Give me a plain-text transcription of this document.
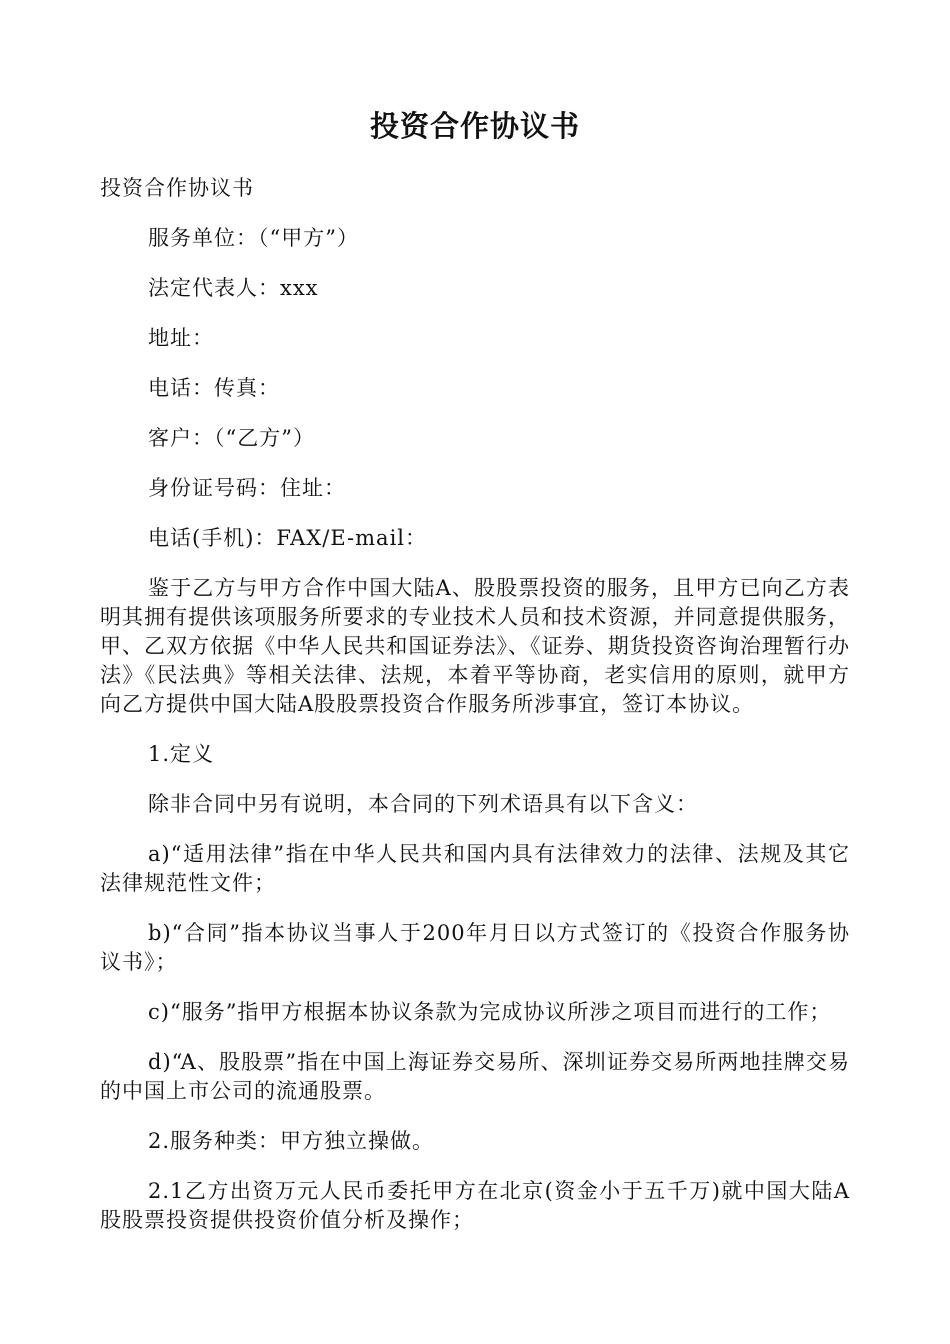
投资合作协议书

投资合作协议书

服务单位：（“甲方”）

法定代表人：xxx

地址：

电话：传真：

客户：（“乙方”）

身份证号码：住址：

电话(手机)：FAX/E-mail：

鉴于乙方与甲方合作中国大陆A、股股票投资的服务，且甲方已向乙方表明其拥有提供该项服务所要求的专业技术人员和技术资源，并同意提供服务，甲、乙双方依据《中华人民共和国证券法》、《证券、期货投资咨询治理暂行办法》《民法典》等相关法律、法规，本着平等协商，老实信用的原则，就甲方向乙方提供中国大陆A股股票投资合作服务所涉事宜，签订本协议。

1.定义

除非合同中另有说明，本合同的下列术语具有以下含义：

a)“适用法律”指在中华人民共和国内具有法律效力的法律、法规及其它法律规范性文件；

b)“合同”指本协议当事人于200年月日以方式签订的《投资合作服务协议书》；

c)“服务”指甲方根据本协议条款为完成协议所涉之项目而进行的工作；

d)“A、股股票”指在中国上海证券交易所、深圳证券交易所两地挂牌交易的中国上市公司的流通股票。

2.服务种类：甲方独立操做。

2.1乙方出资万元人民币委托甲方在北京(资金小于五千万)就中国大陆A股股票投资提供投资价值分析及操作；
